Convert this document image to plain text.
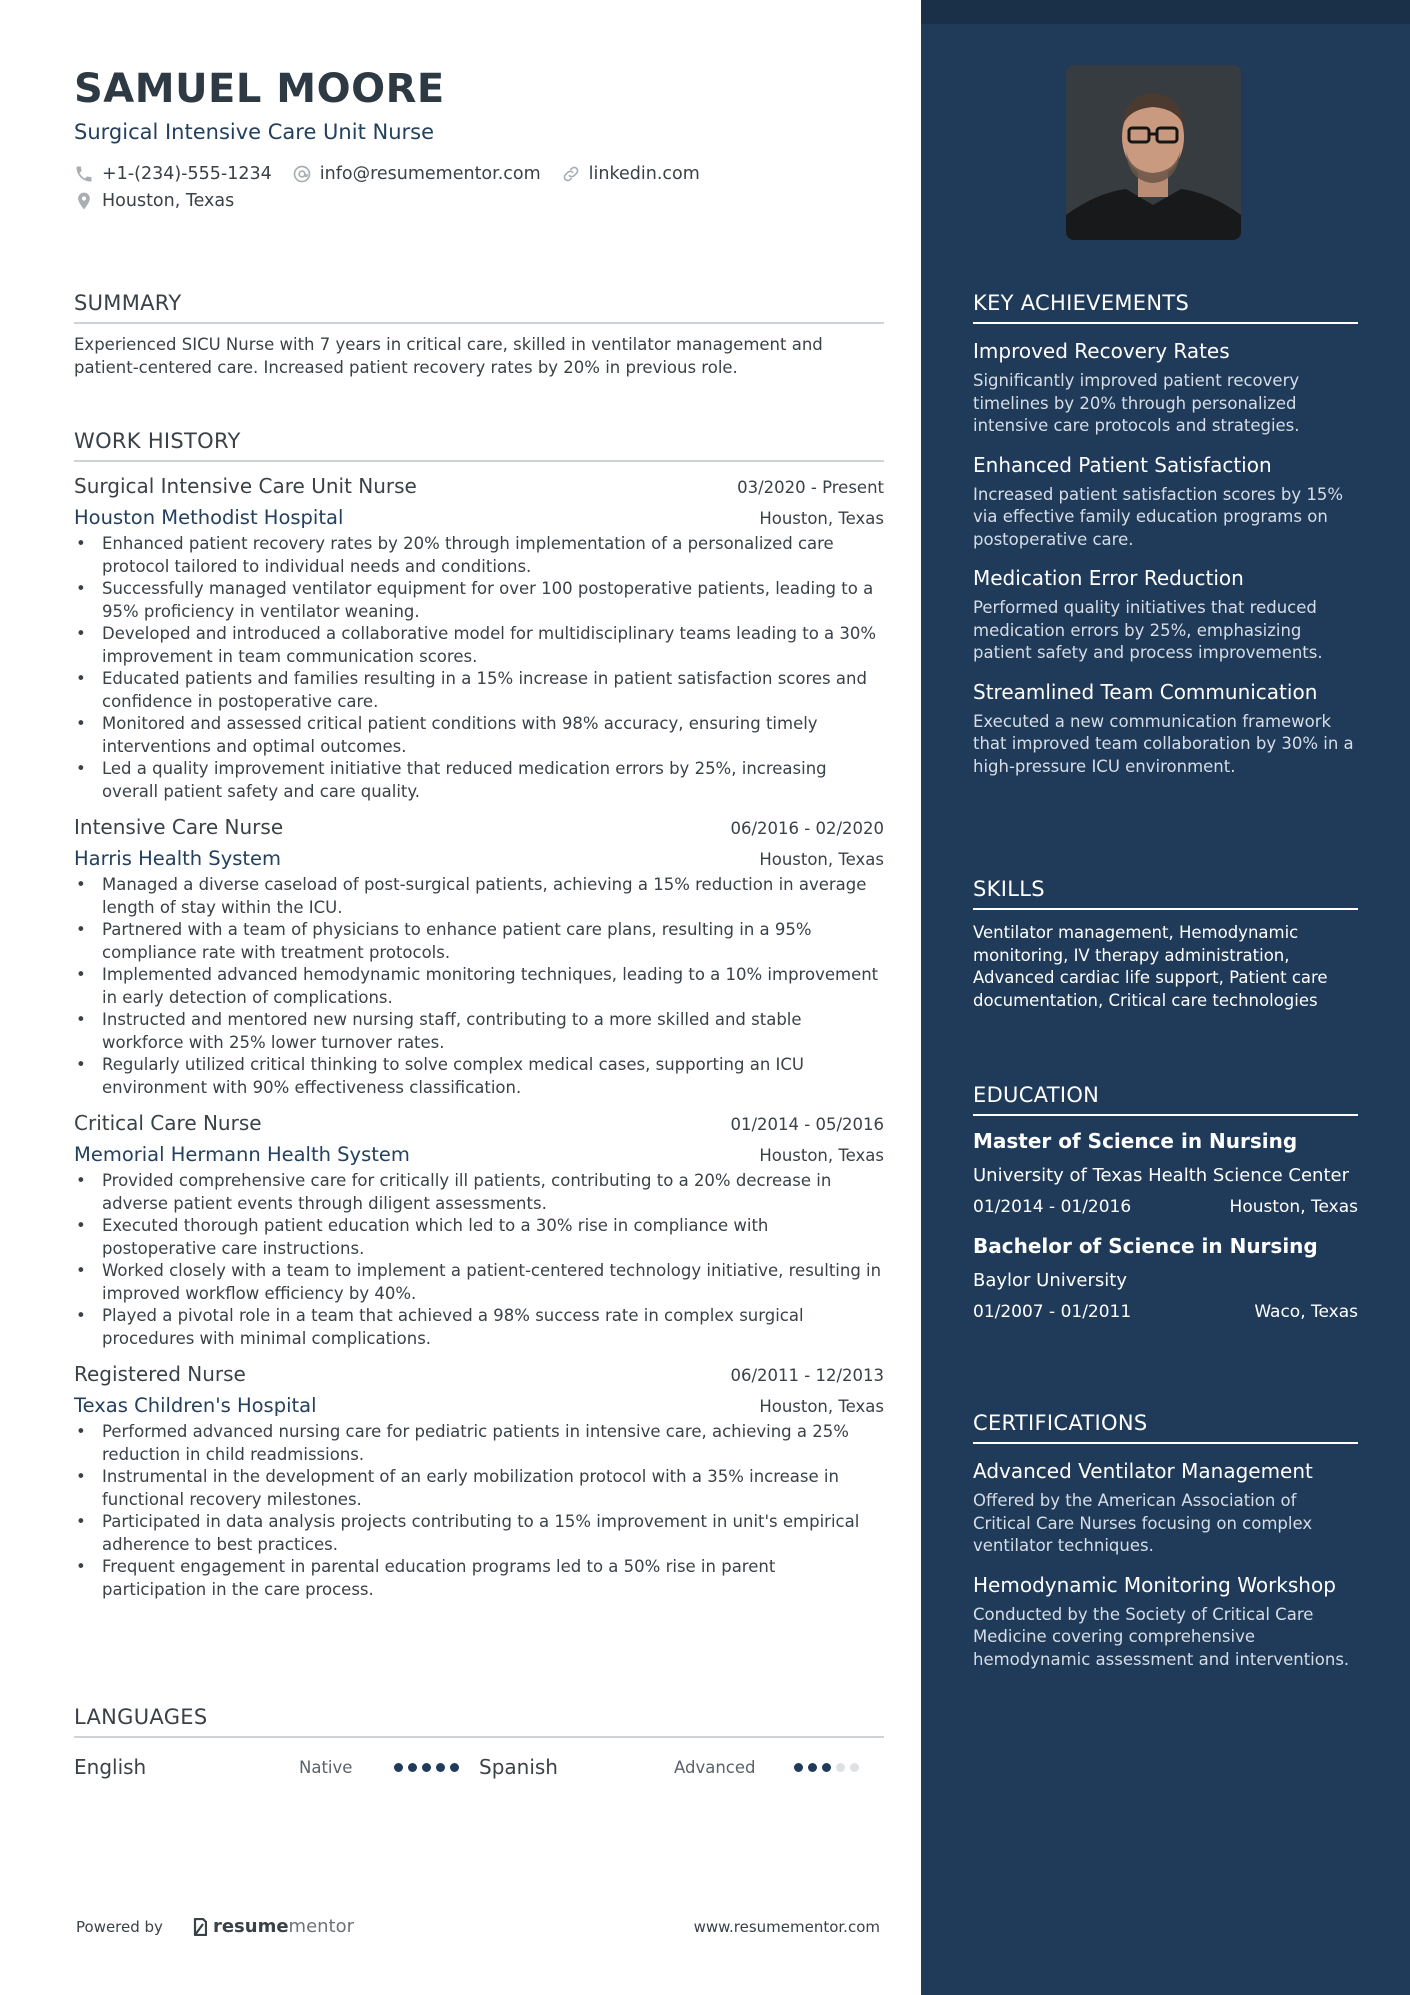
SAMUEL MOORE
Surgical Intensive Care Unit Nurse
+1-(234)-555-1234	info@resumementor.com	linkedin.com
Houston, Texas
SUMMARY
Experienced SICU Nurse with 7 years in critical care, skilled in ventilator management and patient-centered care. Increased patient recovery rates by 20% in previous role.
WORK HISTORY
Surgical Intensive Care Unit Nurse	03/2020 - Present
Houston Methodist Hospital	Houston, Texas
• Enhanced patient recovery rates by 20% through implementation of a personalized care protocol tailored to individual needs and conditions.
• Successfully managed ventilator equipment for over 100 postoperative patients, leading to a 95% proficiency in ventilator weaning.
• Developed and introduced a collaborative model for multidisciplinary teams leading to a 30% improvement in team communication scores.
• Educated patients and families resulting in a 15% increase in patient satisfaction scores and confidence in postoperative care.
• Monitored and assessed critical patient conditions with 98% accuracy, ensuring timely interventions and optimal outcomes.
• Led a quality improvement initiative that reduced medication errors by 25%, increasing overall patient safety and care quality.
Intensive Care Nurse	06/2016 - 02/2020
Harris Health System	Houston, Texas
• Managed a diverse caseload of post-surgical patients, achieving a 15% reduction in average length of stay within the ICU.
• Partnered with a team of physicians to enhance patient care plans, resulting in a 95% compliance rate with treatment protocols.
• Implemented advanced hemodynamic monitoring techniques, leading to a 10% improvement in early detection of complications.
• Instructed and mentored new nursing staff, contributing to a more skilled and stable workforce with 25% lower turnover rates.
• Regularly utilized critical thinking to solve complex medical cases, supporting an ICU environment with 90% effectiveness classification.
Critical Care Nurse	01/2014 - 05/2016
Memorial Hermann Health System	Houston, Texas
• Provided comprehensive care for critically ill patients, contributing to a 20% decrease in adverse patient events through diligent assessments.
• Executed thorough patient education which led to a 30% rise in compliance with postoperative care instructions.
• Worked closely with a team to implement a patient-centered technology initiative, resulting in improved workflow efficiency by 40%.
• Played a pivotal role in a team that achieved a 98% success rate in complex surgical procedures with minimal complications.
Registered Nurse	06/2011 - 12/2013
Texas Children's Hospital	Houston, Texas
• Performed advanced nursing care for pediatric patients in intensive care, achieving a 25% reduction in child readmissions.
• Instrumental in the development of an early mobilization protocol with a 35% increase in functional recovery milestones.
• Participated in data analysis projects contributing to a 15% improvement in unit's empirical adherence to best practices.
• Frequent engagement in parental education programs led to a 50% rise in parent participation in the care process.
LANGUAGES
English	Native	Spanish	Advanced
Powered by	resume mentor	www.resumementor.com
KEY ACHIEVEMENTS
Improved Recovery Rates
Significantly improved patient recovery timelines by 20% through personalized intensive care protocols and strategies.
Enhanced Patient Satisfaction
Increased patient satisfaction scores by 15% via effective family education programs on postoperative care.
Medication Error Reduction
Performed quality initiatives that reduced medication errors by 25%, emphasizing patient safety and process improvements.
Streamlined Team Communication
Executed a new communication framework that improved team collaboration by 30% in a high-pressure ICU environment.
SKILLS
Ventilator management, Hemodynamic monitoring, IV therapy administration, Advanced cardiac life support, Patient care documentation, Critical care technologies
EDUCATION
Master of Science in Nursing
University of Texas Health Science Center
01/2014 - 01/2016	Houston, Texas
Bachelor of Science in Nursing
Baylor University
01/2007 - 01/2011	Waco, Texas
CERTIFICATIONS
Advanced Ventilator Management
Offered by the American Association of Critical Care Nurses focusing on complex ventilator techniques.
Hemodynamic Monitoring Workshop
Conducted by the Society of Critical Care Medicine covering comprehensive hemodynamic assessment and interventions.
